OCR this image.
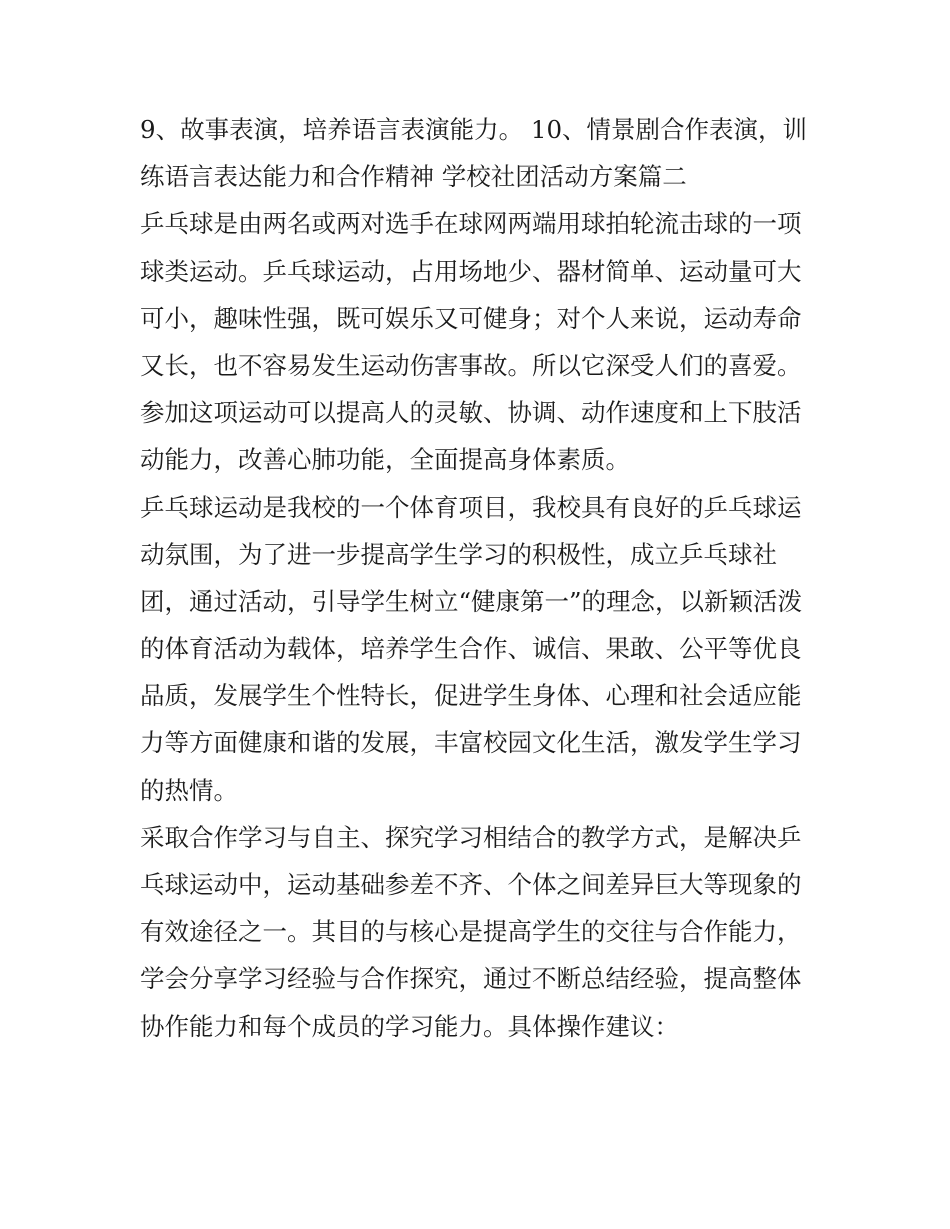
9、故事表演，培养语言表演能力。 10、情景剧合作表演，训
练语言表达能力和合作精神 学校社团活动方案篇二
乒乓球是由两名或两对选手在球网两端用球拍轮流击球的一项
球类运动。乒乓球运动，占用场地少、器材简单、运动量可大
可小，趣味性强，既可娱乐又可健身；对个人来说，运动寿命
又长，也不容易发生运动伤害事故。所以它深受人们的喜爱。
参加这项运动可以提高人的灵敏、协调、动作速度和上下肢活
动能力，改善心肺功能，全面提高身体素质。
乒乓球运动是我校的一个体育项目，我校具有良好的乒乓球运
动氛围，为了进一步提高学生学习的积极性，成立乒乓球社
团，通过活动，引导学生树立“健康第一”的理念，以新颖活泼
的体育活动为载体，培养学生合作、诚信、果敢、公平等优良
品质，发展学生个性特长，促进学生身体、心理和社会适应能
力等方面健康和谐的发展，丰富校园文化生活，激发学生学习
的热情。
采取合作学习与自主、探究学习相结合的教学方式，是解决乒
乓球运动中，运动基础参差不齐、个体之间差异巨大等现象的
有效途径之一。其目的与核心是提高学生的交往与合作能力，
学会分享学习经验与合作探究，通过不断总结经验，提高整体
协作能力和每个成员的学习能力。具体操作建议：
